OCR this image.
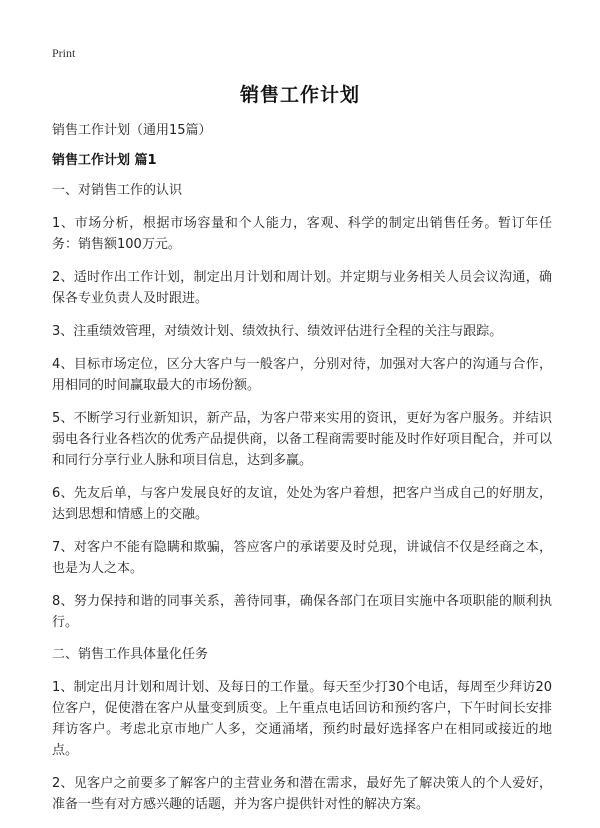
Print
销售工作计划

销售工作计划（通用15篇）

销售工作计划 篇1

一、对销售工作的认识

1、市场分析，根据市场容量和个人能力，客观、科学的制定出销售任务。暂订年任务：销售额100万元。

2、适时作出工作计划，制定出月计划和周计划。并定期与业务相关人员会议沟通，确保各专业负责人及时跟进。

3、注重绩效管理，对绩效计划、绩效执行、绩效评估进行全程的关注与跟踪。

4、目标市场定位，区分大客户与一般客户，分别对待，加强对大客户的沟通与合作，用相同的时间赢取最大的市场份额。

5、不断学习行业新知识，新产品，为客户带来实用的资讯，更好为客户服务。并结识弱电各行业各档次的优秀产品提供商，以备工程商需要时能及时作好项目配合，并可以和同行分享行业人脉和项目信息，达到多赢。

6、先友后单，与客户发展良好的友谊，处处为客户着想，把客户当成自己的好朋友，达到思想和情感上的交融。

7、对客户不能有隐瞒和欺骗，答应客户的承诺要及时兑现，讲诚信不仅是经商之本，也是为人之本。

8、努力保持和谐的同事关系，善待同事，确保各部门在项目实施中各项职能的顺利执行。

二、销售工作具体量化任务

1、制定出月计划和周计划、及每日的工作量。每天至少打30个电话，每周至少拜访20位客户，促使潜在客户从量变到质变。上午重点电话回访和预约客户，下午时间长安排拜访客户。考虑北京市地广人多，交通涌堵，预约时最好选择客户在相同或接近的地点。

2、见客户之前要多了解客户的主营业务和潜在需求，最好先了解决策人的个人爱好，准备一些有对方感兴趣的话题，并为客户提供针对性的解决方案。
